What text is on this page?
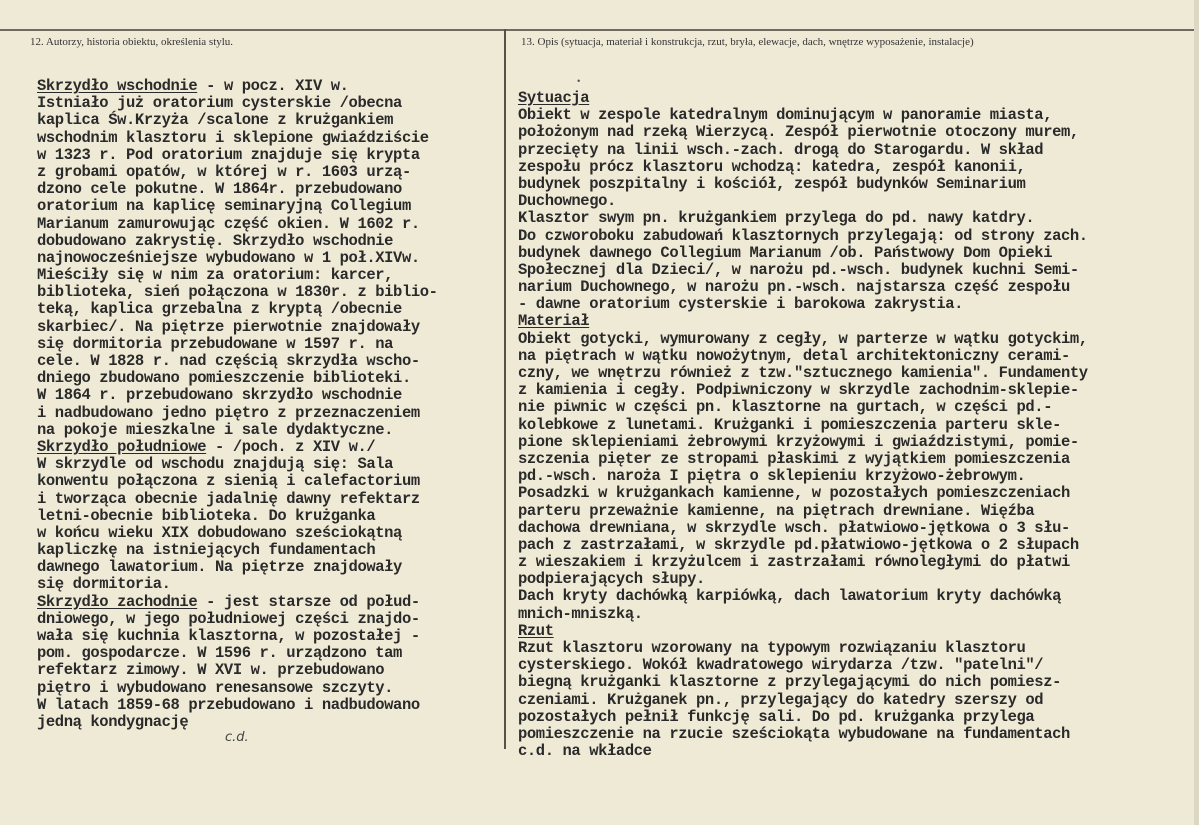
12. Autorzy, historia obiektu, określenia stylu.	13. Opis (sytuacja, materiał i konstrukcja, rzut, bryła, elewacje, dach, wnętrze wyposażenie, instalacje)
•
Skrzydło wschodnie - w pocz. XIV w.
Istniało już oratorium cysterskie /obecna
kaplica Św.Krzyża /scalone z krużgankiem
wschodnim klasztoru i sklepione gwiaździście
w 1323 r. Pod oratorium znajduje się krypta
z grobami opatów, w której w r. 1603 urzą-
dzono cele pokutne. W 1864r. przebudowano
oratorium na kaplicę seminaryjną Collegium
Marianum zamurowując część okien. W 1602 r.
dobudowano zakrystię. Skrzydło wschodnie
najnowocześniejsze wybudowano w 1 poł.XIVw.
Mieściły się w nim za oratorium: karcer,
biblioteka, sień połączona w 1830r. z biblio-
teką, kaplica grzebalna z kryptą /obecnie
skarbiec/. Na piętrze pierwotnie znajdowały
się dormitoria przebudowane w 1597 r. na
cele. W 1828 r. nad częścią skrzydła wscho-
dniego zbudowano pomieszczenie biblioteki.
W 1864 r. przebudowano skrzydło wschodnie
i nadbudowano jedno piętro z przeznaczeniem
na pokoje mieszkalne i sale dydaktyczne.
Skrzydło południowe - /poch. z XIV w./
W skrzydle od wschodu znajdują się: Sala
konwentu połączona z sienią i calefactorium
i tworząca obecnie jadalnię dawny refektarz
letni-obecnie biblioteka. Do krużganka
w końcu wieku XIX dobudowano sześciokątną
kapliczkę na istniejących fundamentach
dawnego lawatorium. Na piętrze znajdowały
się dormitoria.
Skrzydło zachodnie - jest starsze od połud-
dniowego, w jego południowej części znajdo-
wała się kuchnia klasztorna, w pozostałej -
pom. gospodarcze. W 1596 r. urządzono tam
refektarz zimowy. W XVI w. przebudowano
piętro i wybudowano renesansowe szczyty.
W latach 1859-68 przebudowano i nadbudowano
jedną kondygnację
Sytuacja
Obiekt w zespole katedralnym dominującym w panoramie miasta,
położonym nad rzeką Wierzycą. Zespół pierwotnie otoczony murem,
przecięty na linii wsch.-zach. drogą do Starogardu. W skład
zespołu prócz klasztoru wchodzą: katedra, zespół kanonii,
budynek poszpitalny i kościół, zespół budynków Seminarium
Duchownego.
Klasztor swym pn. krużgankiem przylega do pd. nawy katdry.
Do czworoboku zabudowań klasztornych przylegają: od strony zach.
budynek dawnego Collegium Marianum /ob. Państwowy Dom Opieki
Społecznej dla Dzieci/, w narożu pd.-wsch. budynek kuchni Semi-
narium Duchownego, w narożu pn.-wsch. najstarsza część zespołu
- dawne oratorium cysterskie i barokowa zakrystia.
Materiał
Obiekt gotycki, wymurowany z cegły, w parterze w wątku gotyckim,
na piętrach w wątku nowożytnym, detal architektoniczny cerami-
czny, we wnętrzu również z tzw."sztucznego kamienia". Fundamenty
z kamienia i cegły. Podpiwniczony w skrzydle zachodnim-sklepie-
nie piwnic w części pn. klasztorne na gurtach, w części pd.-
kolebkowe z lunetami. Krużganki i pomieszczenia parteru skle-
pione sklepieniami żebrowymi krzyżowymi i gwiaździstymi, pomie-
szczenia pięter ze stropami płaskimi z wyjątkiem pomieszczenia
pd.-wsch. naroża I piętra o sklepieniu krzyżowo-żebrowym.
Posadzki w krużgankach kamienne, w pozostałych pomieszczeniach
parteru przeważnie kamienne, na piętrach drewniane. Więźba
dachowa drewniana, w skrzydle wsch. płatwiowo-jętkowa o 3 słu-
pach z zastrzałami, w skrzydle pd.płatwiowo-jętkowa o 2 słupach
z wieszakiem i krzyżulcem i zastrzałami równoległymi do płatwi
podpierających słupy.
Dach kryty dachówką karpiówką, dach lawatorium kryty dachówką
mnich-mniszką.
Rzut
Rzut klasztoru wzorowany na typowym rozwiązaniu klasztoru
cysterskiego. Wokół kwadratowego wirydarza /tzw. "patelni"/
biegną krużganki klasztorne z przylegającymi do nich pomiesz-
czeniami. Krużganek pn., przylegający do katedry szerszy od
pozostałych pełnił funkcję sali. Do pd. krużganka przylega
pomieszczenie na rzucie sześciokąta wybudowane na fundamentach
c.d. na wkładce
c.d.
